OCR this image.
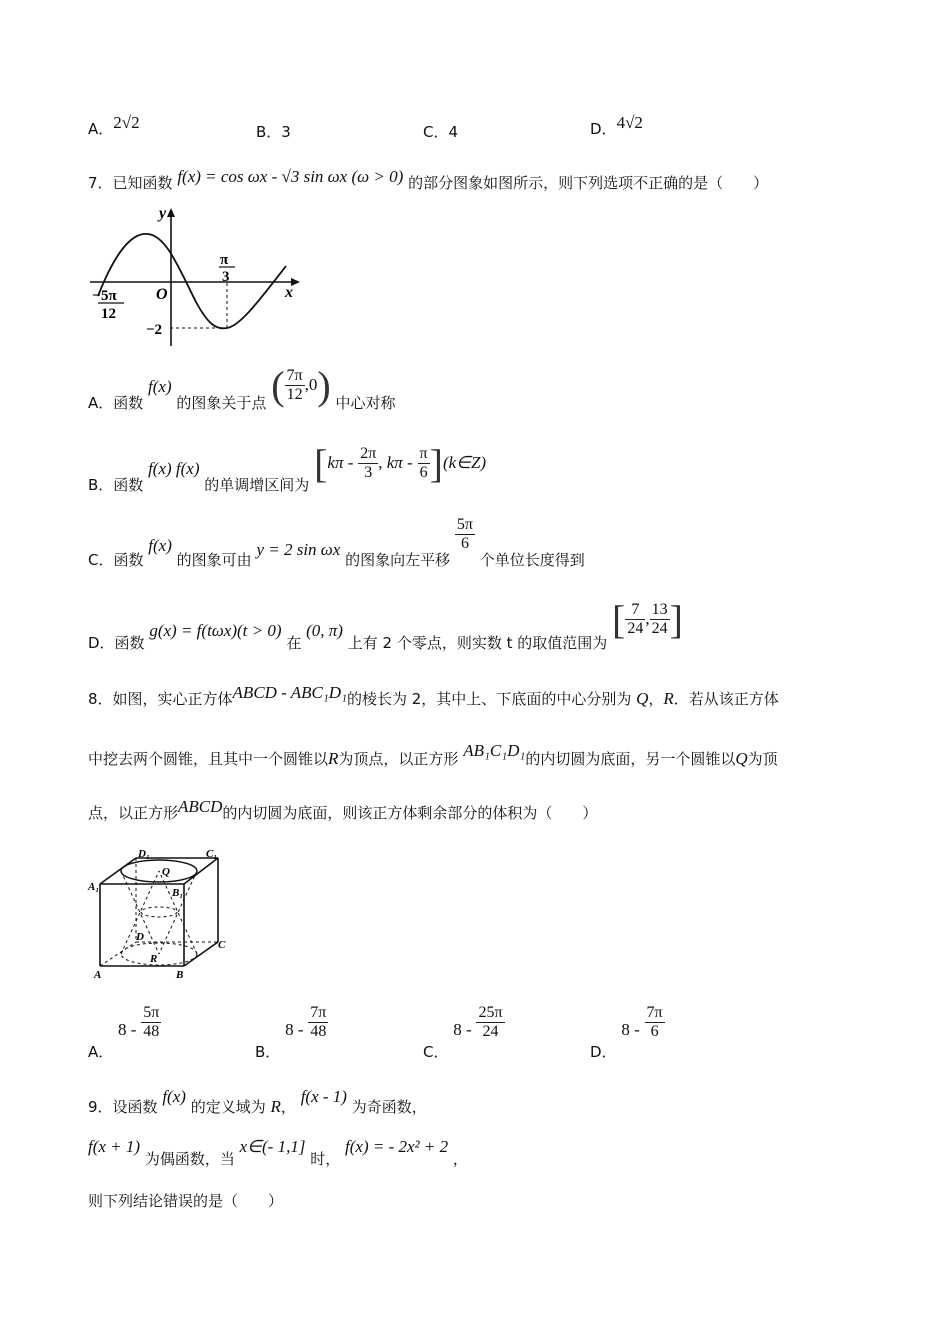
A．2√2	B．3	C．4	D．4√2
7．已知函数 f(x) = cos ωx - √3 sin ωx (ω > 0) 的部分图象如图所示，则下列选项不正确的是（　　）
y
x
O
π
3
− 5π
12
−2
A．函数 f(x) 的图象关于点 ( $\frac{7\pi}{12} ,0$) 中心对称
B．函数 f(x) f(x) 的单调增区间为 [$k\pi - \frac{2\pi}{3}$ , kπ - $\frac{\pi}{6}$ ](k∈Z)
C．函数 f(x) 的图象可由 y = 2 sin ωx 的图象向左平移
$\frac{5\pi}{6}$
个单位长度得到
D．函数 g(x) = f(tωx)(t > 0) 在 (0, π) 上有 2 个零点，则实数 t 的取值范围为 [ $\frac{7}{24}$ , $\frac{13}{24}$ ]
8．如图，实心正方体ABCD - ABC₁D₁的棱长为 2，其中上、下底面的中心分别为 Q，R．若从该正方体
中挖去两个圆锥，且其中一个圆锥以R为顶点，以正方形 AB₁C₁D₁的内切圆为底面，另一个圆锥以Q为顶
点，以正方形ABCD的内切圆为底面，则该正方体剩余部分的体积为（　　）
D₁	C₁
A₁	B₁
Q
D
C
R
A	B
A． $8 - \frac{5\pi}{48}$
B． $8 - \frac{7\pi}{48}$
C． $8 - \frac{25\pi}{24}$
D． $8 - \frac{7\pi}{6}$
9．设函数 f(x) 的定义域为 R， f(x - 1) 为奇函数，
f(x + 1) 为偶函数，当 x∈(- 1,1] 时， f(x) = - 2x² + 2 ，
则下列结论错误的是（　　）
